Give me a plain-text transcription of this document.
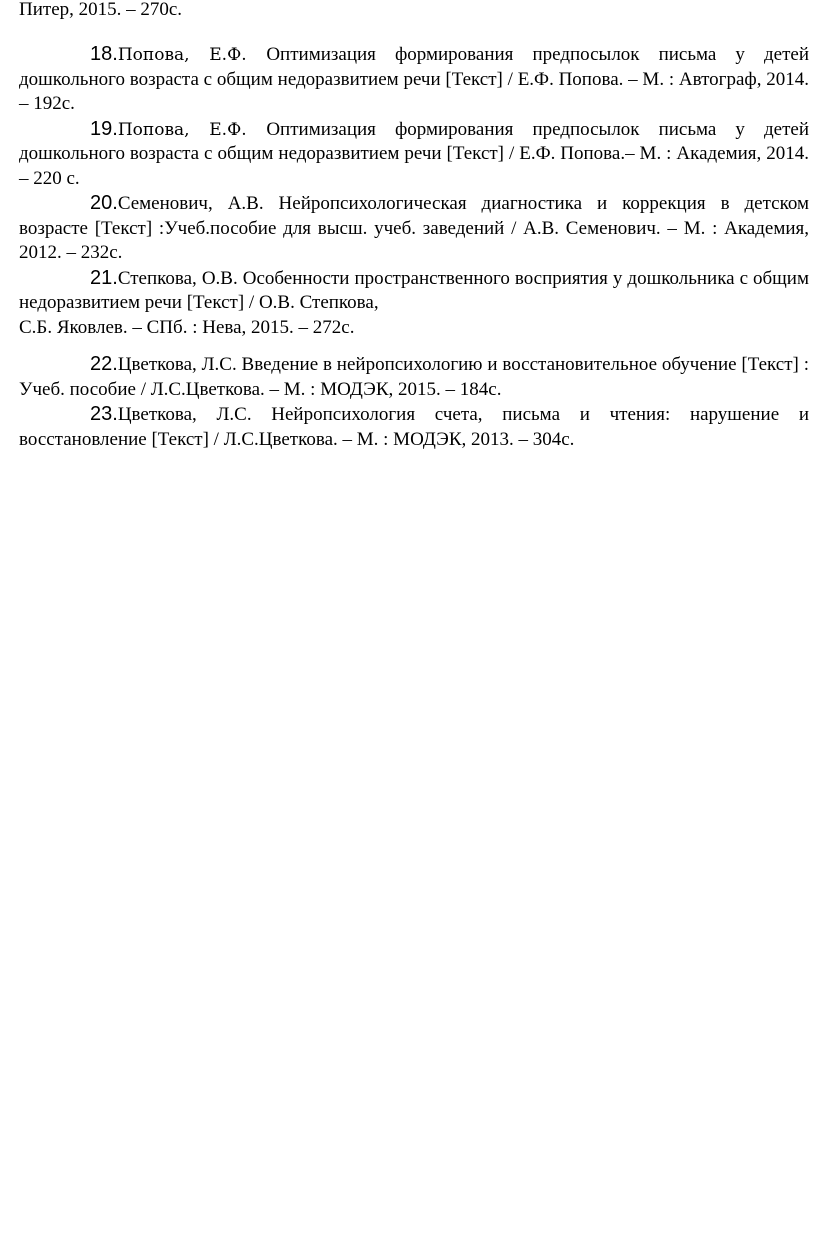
Питер, 2015. – 270с.

18.Попова, Е.Ф. Оптимизация формирования предпосылок письма у детей дошкольного возраста с общим недоразвитием речи [Текст] / Е.Ф. Попова. – М. : Автограф, 2014. – 192с.
19.Попова, Е.Ф. Оптимизация формирования предпосылок письма у детей дошкольного возраста с общим недоразвитием речи [Текст] / Е.Ф. Попова.– М. : Академия, 2014. – 220 с.
20.Семенович, А.В. Нейропсихологическая диагностика и коррекция в детском возрасте [Текст] :Учеб.пособие для высш. учеб. заведений / А.В. Семенович. – М. : Академия, 2012. – 232с.
21.Степкова, О.В. Особенности пространственного восприятия у дошкольника с общим недоразвитием речи [Текст] / О.В. Степкова,
С.Б. Яковлев. – СПб. : Нева, 2015. – 272с.
22.Цветкова, Л.С. Введение в нейропсихологию и восстановительное обучение [Текст] : Учеб. пособие / Л.С.Цветкова. – М. : МОДЭК, 2015. – 184с.
23.Цветкова, Л.С. Нейропсихология счета, письма и чтения: нарушение и восстановление [Текст] / Л.С.Цветкова. – М. : МОДЭК, 2013. – 304с.
